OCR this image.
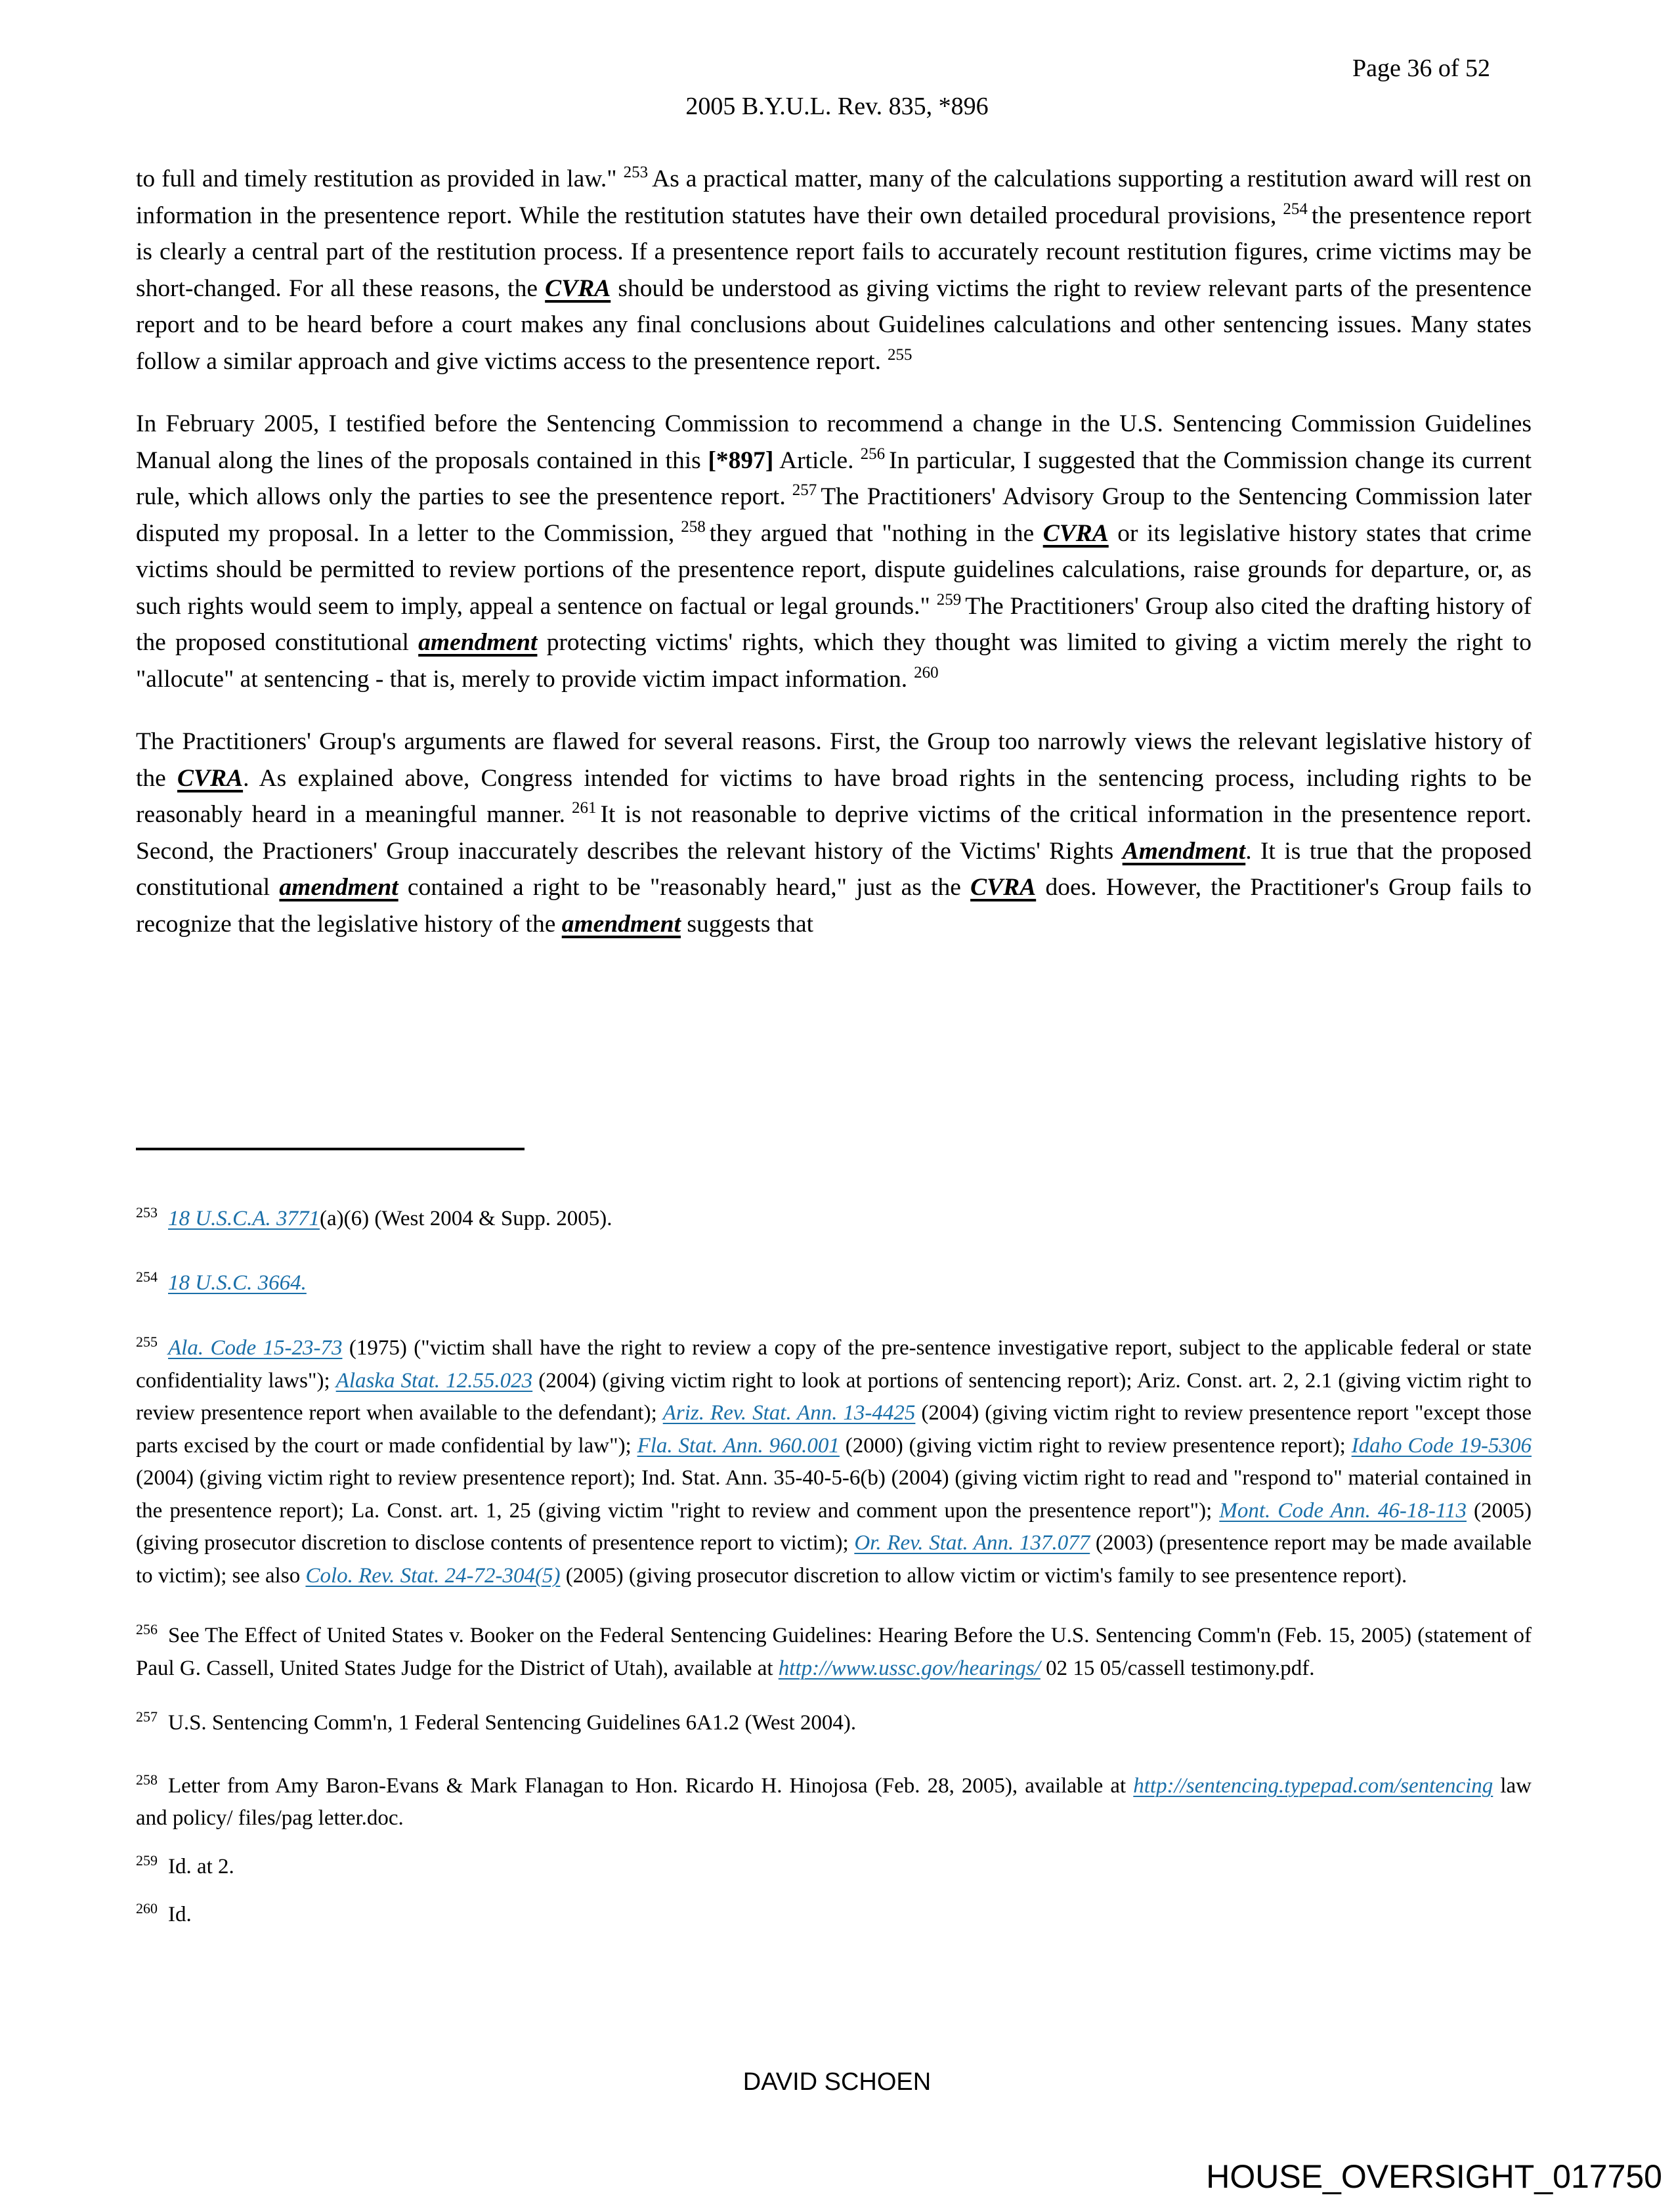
Page 36 of 52
2005 B.Y.U.L. Rev. 835, *896

to full and timely restitution as provided in law." $^{253}$ As a practical matter, many of the calculations supporting a restitution award will rest on information in the presentence report. While the restitution statutes have their own detailed procedural provisions, $^{254}$ the presentence report is clearly a central part of the restitution process. If a presentence report fails to accurately recount restitution figures, crime victims may be short-changed. For all these reasons, the CVRA should be understood as giving victims the right to review relevant parts of the presentence report and to be heard before a court makes any final conclusions about Guidelines calculations and other sentencing issues. Many states follow a similar approach and give victims access to the presentence report. $^{255}$

In February 2005, I testified before the Sentencing Commission to recommend a change in the U.S. Sentencing Commission Guidelines Manual along the lines of the proposals contained in this [*897] Article. $^{256}$ In particular, I suggested that the Commission change its current rule, which allows only the parties to see the presentence report. $^{257}$ The Practitioners' Advisory Group to the Sentencing Commission later disputed my proposal. In a letter to the Commission, $^{258}$ they argued that "nothing in the CVRA or its legislative history states that crime victims should be permitted to review portions of the presentence report, dispute guidelines calculations, raise grounds for departure, or, as such rights would seem to imply, appeal a sentence on factual or legal grounds." $^{259}$ The Practitioners' Group also cited the drafting history of the proposed constitutional amendment protecting victims' rights, which they thought was limited to giving a victim merely the right to "allocute" at sentencing - that is, merely to provide victim impact information. $^{260}$

The Practitioners' Group's arguments are flawed for several reasons. First, the Group too narrowly views the relevant legislative history of the CVRA. As explained above, Congress intended for victims to have broad rights in the sentencing process, including rights to be reasonably heard in a meaningful manner. $^{261}$ It is not reasonable to deprive victims of the critical information in the presentence report. Second, the Practioners' Group inaccurately describes the relevant history of the Victims' Rights Amendment. It is true that the proposed constitutional amendment contained a right to be "reasonably heard," just as the CVRA does. However, the Practitioner's Group fails to recognize that the legislative history of the amendment suggests that

$^{253}$ 18 U.S.C.A. 3771(a)(6) (West 2004 & Supp. 2005).

$^{254}$ 18 U.S.C. 3664.

$^{255}$ Ala. Code 15-23-73 (1975) ("victim shall have the right to review a copy of the pre-sentence investigative report, subject to the applicable federal or state confidentiality laws"); Alaska Stat. 12.55.023 (2004) (giving victim right to look at portions of sentencing report); Ariz. Const. art. 2, 2.1 (giving victim right to review presentence report when available to the defendant); Ariz. Rev. Stat. Ann. 13-4425 (2004) (giving victim right to review presentence report "except those parts excised by the court or made confidential by law"); Fla. Stat. Ann. 960.001 (2000) (giving victim right to review presentence report); Idaho Code 19-5306 (2004) (giving victim right to review presentence report); Ind. Stat. Ann. 35-40-5-6(b) (2004) (giving victim right to read and "respond to" material contained in the presentence report); La. Const. art. 1, 25 (giving victim "right to review and comment upon the presentence report"); Mont. Code Ann. 46-18-113 (2005) (giving prosecutor discretion to disclose contents of presentence report to victim); Or. Rev. Stat. Ann. 137.077 (2003) (presentence report may be made available to victim); see also Colo. Rev. Stat. 24-72-304(5) (2005) (giving prosecutor discretion to allow victim or victim's family to see presentence report).

$^{256}$ See The Effect of United States v. Booker on the Federal Sentencing Guidelines: Hearing Before the U.S. Sentencing Comm'n (Feb. 15, 2005) (statement of Paul G. Cassell, United States Judge for the District of Utah), available at http://www.ussc.gov/hearings/ 02 15 05/cassell testimony.pdf.

$^{257}$ U.S. Sentencing Comm'n, 1 Federal Sentencing Guidelines 6A1.2 (West 2004).

$^{258}$ Letter from Amy Baron-Evans & Mark Flanagan to Hon. Ricardo H. Hinojosa (Feb. 28, 2005), available at http://sentencing.typepad.com/sentencing law and policy/ files/pag letter.doc.

$^{259}$ Id. at 2.

$^{260}$ Id.

DAVID SCHOEN
HOUSE_OVERSIGHT_017750
